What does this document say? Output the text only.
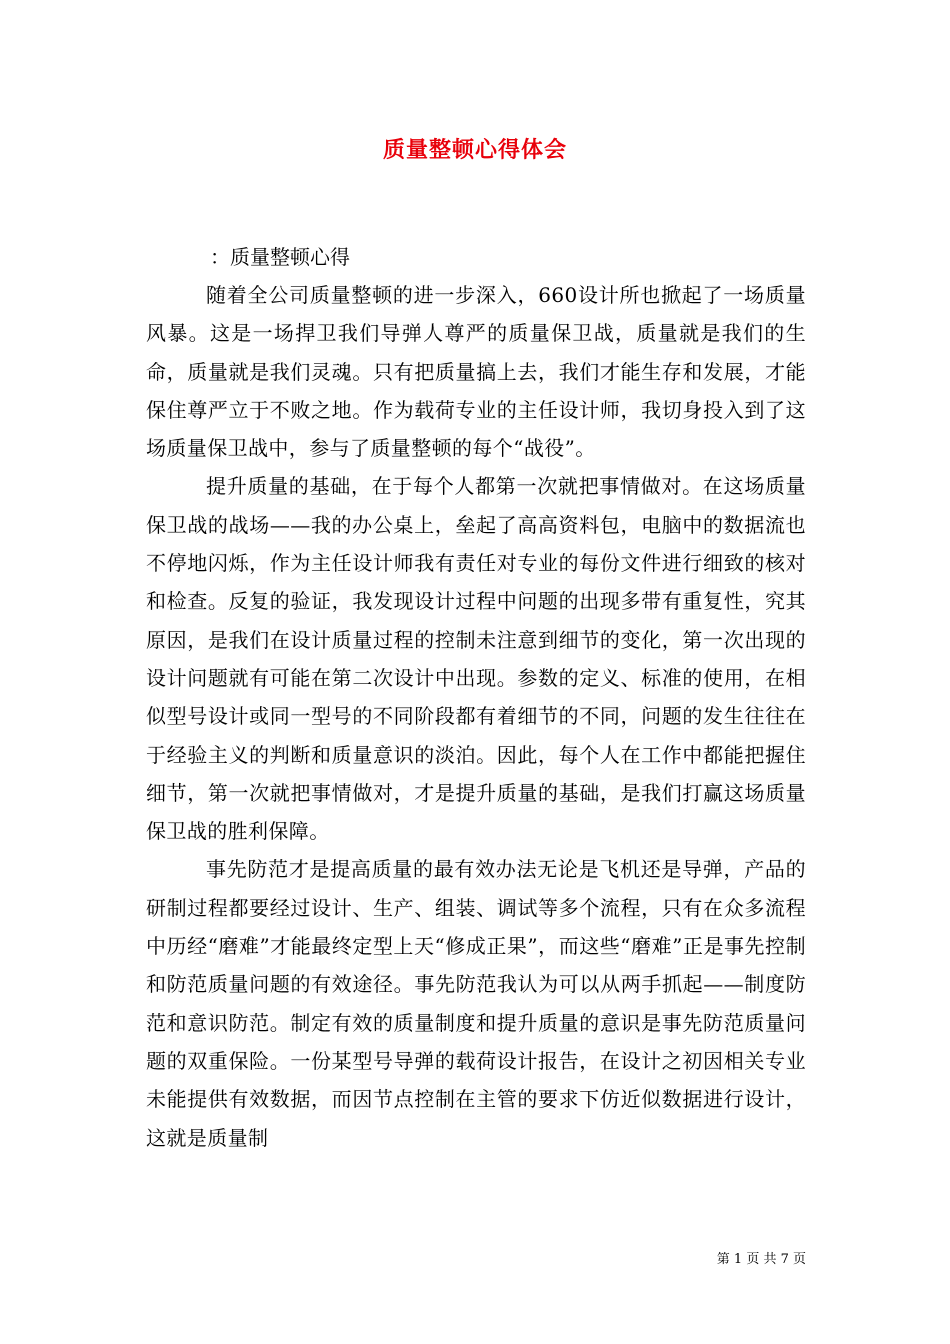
质量整顿心得体会

：质量整顿心得

随着全公司质量整顿的进一步深入，660设计所也掀起了一场质量风暴。这是一场捍卫我们导弹人尊严的质量保卫战，质量就是我们的生命，质量就是我们灵魂。只有把质量搞上去，我们才能生存和发展，才能保住尊严立于不败之地。作为载荷专业的主任设计师，我切身投入到了这场质量保卫战中，参与了质量整顿的每个“战役”。

提升质量的基础，在于每个人都第一次就把事情做对。在这场质量保卫战的战场——我的办公桌上，垒起了高高资料包，电脑中的数据流也不停地闪烁，作为主任设计师我有责任对专业的每份文件进行细致的核对和检查。反复的验证，我发现设计过程中问题的出现多带有重复性，究其原因，是我们在设计质量过程的控制未注意到细节的变化，第一次出现的设计问题就有可能在第二次设计中出现。参数的定义、标准的使用，在相似型号设计或同一型号的不同阶段都有着细节的不同，问题的发生往往在于经验主义的判断和质量意识的淡泊。因此，每个人在工作中都能把握住细节，第一次就把事情做对，才是提升质量的基础，是我们打赢这场质量保卫战的胜利保障。

事先防范才是提高质量的最有效办法无论是飞机还是导弹，产品的研制过程都要经过设计、生产、组装、调试等多个流程，只有在众多流程中历经“磨难”才能最终定型上天“修成正果”，而这些“磨难”正是事先控制和防范质量问题的有效途径。事先防范我认为可以从两手抓起——制度防范和意识防范。制定有效的质量制度和提升质量的意识是事先防范质量问题的双重保险。一份某型号导弹的载荷设计报告，在设计之初因相关专业未能提供有效数据，而因节点控制在主管的要求下仿近似数据进行设计，这就是质量制

第 1 页 共 7 页
